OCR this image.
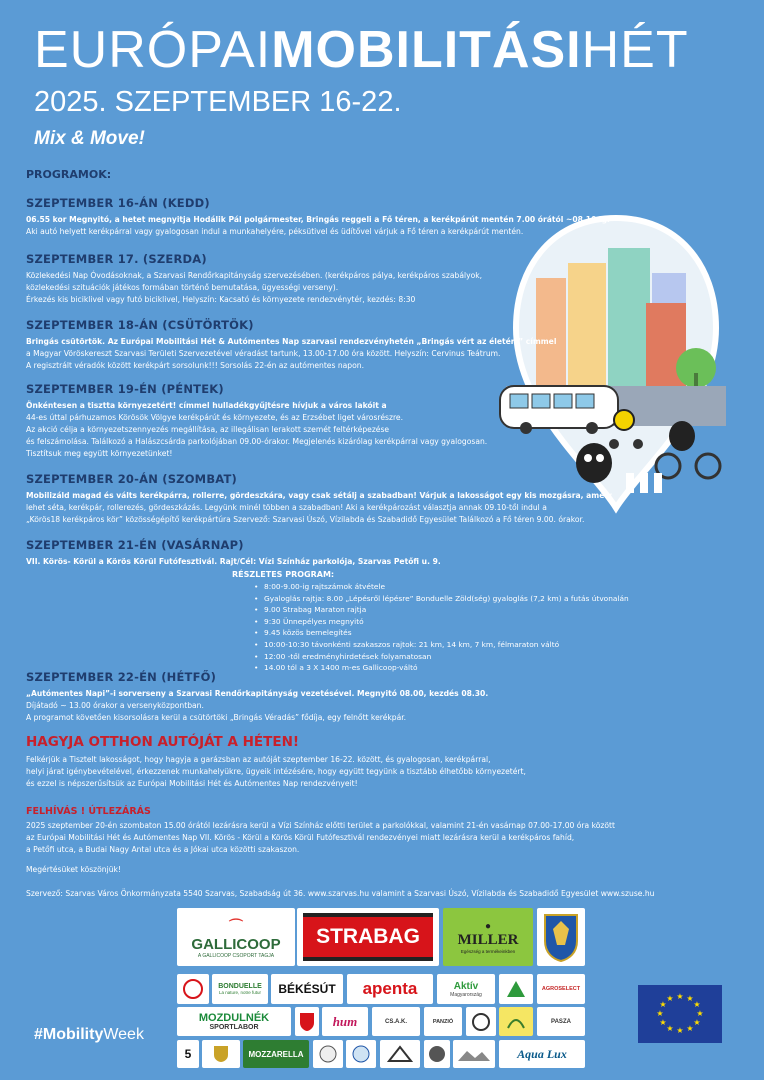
EURÓPAIMOBILITÁSIHÉT
2025. SZEPTEMBER 16-22.
Mix & Move!
PROGRAMOK:
SZEPTEMBER 16-ÁN (KEDD)

06.55 kor Megnyitó, a hetet megnyitja Hodálik Pál polgármester, Bringás reggeli a Fő téren, a kerékpárút mentén 7.00 órától ~08.10 ig.
Aki autó helyett kerékpárral vagy gyalogosan indul a munkahelyére, péksütivel és üdítővel várjuk a Fő téren a kerékpárút mentén.

SZEPTEMBER 17. (SZERDA)

Közlekedési Nap Óvodásoknak, a Szarvasi Rendőrkapitányság szervezésében. (kerékpáros pálya, kerékpáros szabályok,
közlekedési szituációk játékos formában történő bemutatása, ügyességi verseny).
Érkezés kis biciklivel vagy futó biciklivel, Helyszín: Kacsató és környezete rendezvénytér, kezdés: 8:30

SZEPTEMBER 18-ÁN (CSÜTÖRTÖK)

Bringás csütörtök. Az Európai Mobilitási Hét & Autómentes Nap szarvasi rendezvényhetén „Bringás vért az életért” címmel
a Magyar Vöröskereszt Szarvasi Területi Szervezetével véradást tartunk, 13.00-17.00 óra között. Helyszín: Cervinus Teátrum.
A regisztrált véradók között kerékpárt sorsolunk!!! Sorsolás 22-én az autómentes napon.

SZEPTEMBER 19-ÉN (PÉNTEK)

Önkéntesen a tisztta környezetért! címmel hulladékgyűjtésre hívjuk a város lakóit a
44-es úttal párhuzamos Körösök Völgye kerékpárút és környezete, és az Erzsébet liget városrészre.
Az akció célja a környezetszennyezés megállítása, az illegálisan lerakott szemét feltérképezése
és felszámolása. Találkozó a Halászcsárda parkolójában 09.00-órakor. Megjelenés kizárólag kerékpárral vagy gyalogosan.
Tisztítsuk meg együtt környezetünket!

SZEPTEMBER 20-ÁN (SZOMBAT)

Mobilizáld magad és válts kerékpárra, rollerre, gördeszkára, vagy csak sétálj a szabadban! Várjuk a lakosságot egy kis mozgásra, amely
lehet séta, kerékpár, rollerezés, gördeszkázás. Legyünk minél többen a szabadban! Aki a kerékpározást választja annak 09.10-től indul a
„Körös18 kerékpáros kör” közösségépítő kerékpártúra Szervező: Szarvasi Úszó, Vízilabda és Szabadidő Egyesület Találkozó a Fő téren 9.00. órakor.

SZEPTEMBER 21-ÉN (VASÁRNAP)

VII. Körös- Körül a Körös Körül Futófesztivál. Rajt/Cél: Vízi Színház parkolója, Szarvas Petőfi u. 9.

RÉSZLETES PROGRAM:
• 8:00-9.00-ig rajtszámok átvétele
• Gyaloglás rajtja: 8.00 „Lépésről lépésre” Bonduelle Zöld(ség) gyaloglás (7,2 km) a futás útvonalán
• 9.00 Strabag Maraton rajtja
• 9:30 Ünnepélyes megnyitó
• 9.45 közös bemelegítés
• 10:00-10:30 távonkénti szakaszos rajtok: 21 km, 14 km, 7 km, félmaraton váltó
• 12:00 -től eredményhirdetések folyamatosan
• 14.00 tól a 3 X 1400 m-es Gallicoop-váltó
SZEPTEMBER 22-ÉN (HÉTFŐ)

„Autómentes Napi”-i sorverseny a Szarvasi Rendőrkapitányság vezetésével. Megnyitó 08.00, kezdés 08.30.
Díjátadó ~ 13.00 órakor a versenyközpontban.
A programot követően kisorsolásra kerül a csütörtöki „Bringás Véradás” fődíja, egy felnőtt kerékpár.

HAGYJA OTTHON AUTÓJÁT A HÉTEN!

Felkérjük a Tisztelt lakosságot, hogy hagyja a garázsban az autóját szeptember 16-22. között, és gyalogosan, kerékpárral,
helyi járat igénybevételével, érkezzenek munkahelyükre, ügyeik intézésére, hogy együtt tegyünk a tisztább élhetőbb környezetért,
és ezzel is népszerűsítsük az Európai Mobilitási Hét és Autómentes Nap rendezvényeit!

FELHÍVÁS ! ÚTLEZÁRÁS

2025 szeptember 20-én szombaton 15.00 órától lezárásra kerül a Vízi Színház előtti terület a parkolókkal, valamint 21-én vasárnap 07.00-17.00 óra között
az Európai Mobilitási Hét és Autómentes Nap VII. Körös - Körül a Körös Körül Futófesztivál rendezvényei miatt lezárásra kerül a kerékpáros fahíd,
a Petőfi utca, a Budai Nagy Antal utca és a Jókai utca közötti szakaszon.

Megértésüket köszönjük!
Szervező: Szarvas Város Önkormányzata 5540 Szarvas, Szabadság út 36. www.szarvas.hu valamint a Szarvasi Úszó, Vízilabda és Szabadidő Egyesület www.szuse.hu
#MobilityWeek
⌒
GALLICOOP
A GALLICOOP CSOPORT TAGJA
STRABAG	●
MILLER
Egészség a termékeinkben
BONDUELLE
La nature, notre futur BÉKÉSÚT apenta	Aktív
Magyarország
AGROSELECT
MOZDULNÉK
SPORTLABOR	hum	CS.A.K.	PANZIÓ	PASZA
5	MOZZARELLA	Aqua Lux
★ ★
★
★
★
★
★
★
★
★
★
★
